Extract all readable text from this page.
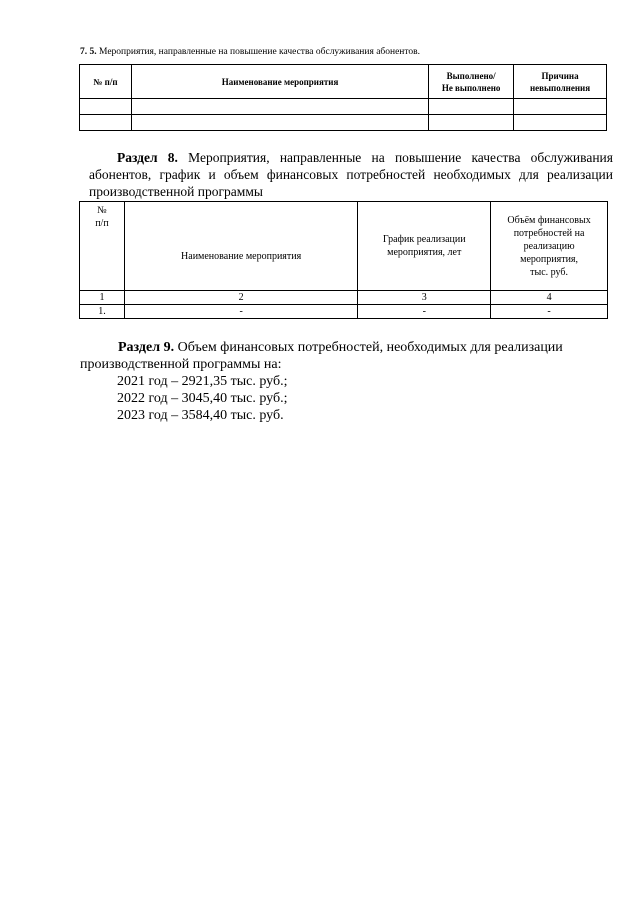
7. 5. Мероприятия, направленные на повышение качества обслуживания абонентов.
№ п/п	Наименование мероприятия	Выполнено/
Не выполнено	Причина
невыполнения

Раздел 8. Мероприятия, направленные на повышение качества обслуживания абонентов, график и объем финансовых потребностей необходимых для реализации производственной программы

№
п/п	Наименование мероприятия	График реализации
мероприятия, лет	Объём финансовых
потребностей на
реализацию
мероприятия,
тыс. руб.
1	2	3	4
1.	-	-	-

Раздел 9. Объем финансовых потребностей, необходимых для реализации производственной программы на:

2021 год – 2921,35 тыс. руб.;

2022 год – 3045,40 тыс. руб.;

2023 год – 3584,40 тыс. руб.
